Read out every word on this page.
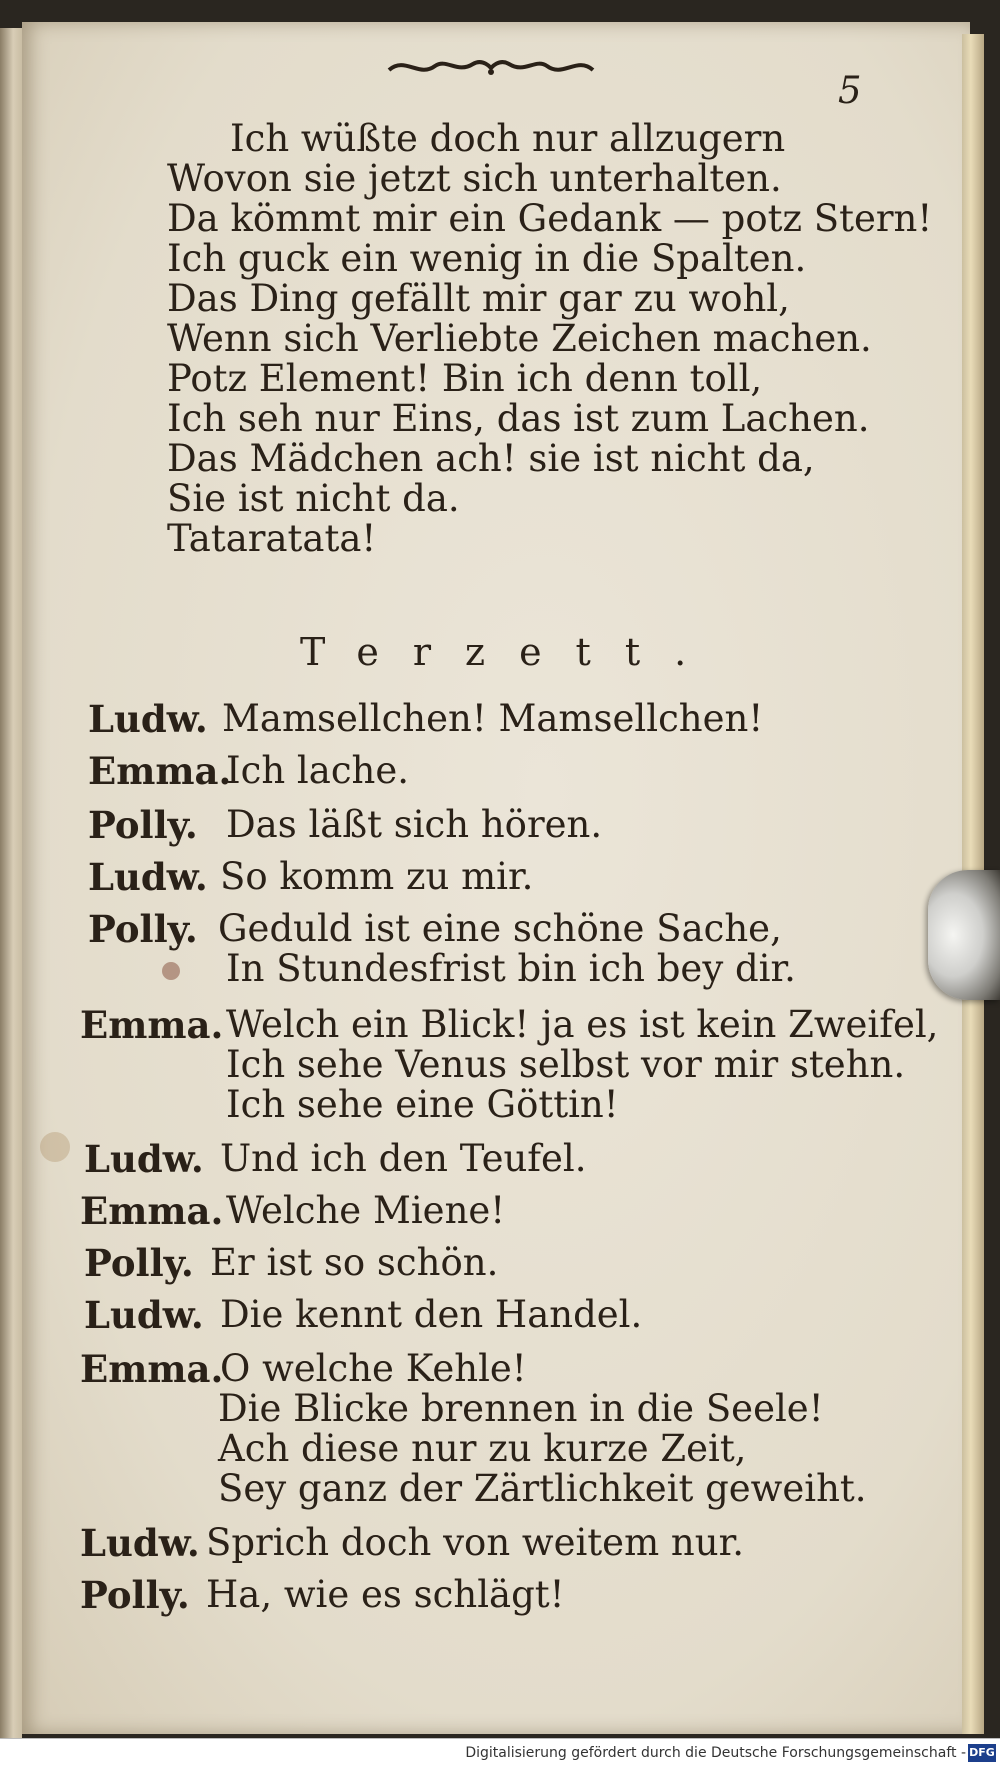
5
Ich wüßte doch nur allzugern
Wovon sie jetzt sich unterhalten.
Da kömmt mir ein Gedank — potz Stern!
Ich guck ein wenig in die Spalten.
Das Ding gefällt mir gar zu wohl,
Wenn sich Verliebte Zeichen machen.
Potz Element! Bin ich denn toll,
Ich seh nur Eins, das ist zum Lachen.
Das Mädchen ach! sie ist nicht da,
Sie ist nicht da.
Tataratata!
Terzett.
Ludw. Mamsellchen! Mamsellchen!
Emma.
Ich lache.
Polly. Das läßt sich hören.
Ludw. So komm zu mir.
Polly. Geduld ist eine schöne Sache,
In Stundesfrist bin ich bey dir.
Emma. Welch ein Blick! ja es ist kein Zweifel,
Ich sehe Venus selbst vor mir stehn.
Ich sehe eine Göttin!
Ludw. Und ich den Teufel.
Emma. Welche Miene!
Polly. Er ist so schön.
Ludw. Die kennt den Handel.
Emma.
O welche Kehle!
Die Blicke brennen in die Seele!
Ach diese nur zu kurze Zeit,
Sey ganz der Zärtlichkeit geweiht.
Ludw. Sprich doch von weitem nur.
Polly. Ha, wie es schlägt!
Digitalisierung gefördert durch die Deutsche Forschungsgemeinschaft - DFG
